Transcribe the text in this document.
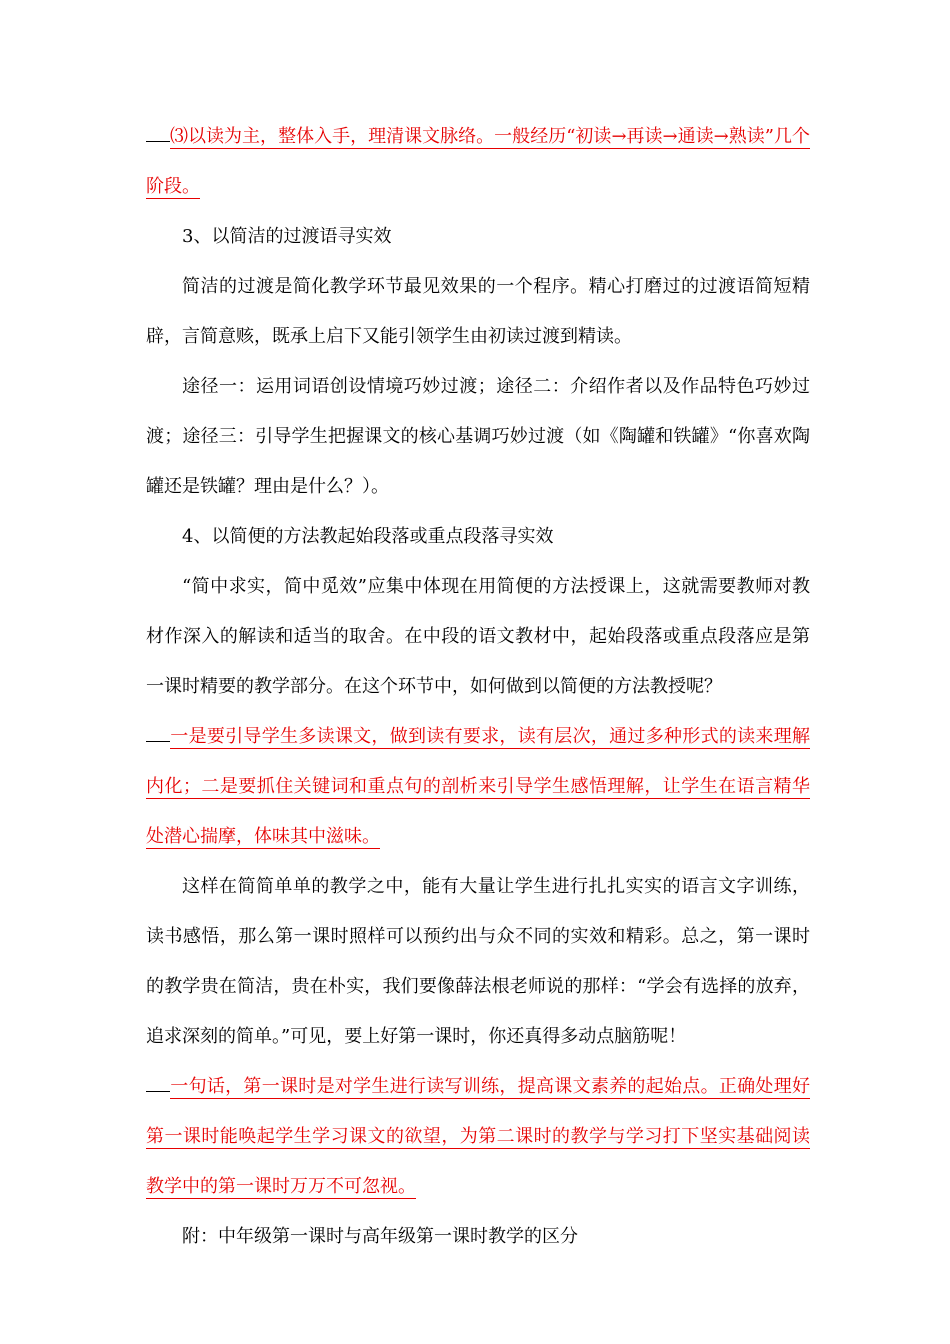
⑶以读为主，整体入手，理清课文脉络。一般经历“初读→再读→通读→熟读”几个阶段。

3、以简洁的过渡语寻实效

简洁的过渡是简化教学环节最见效果的一个程序。精心打磨过的过渡语简短精辟，言简意赅，既承上启下又能引领学生由初读过渡到精读。

途径一：运用词语创设情境巧妙过渡；途径二：介绍作者以及作品特色巧妙过渡；途径三：引导学生把握课文的核心基调巧妙过渡（如《陶罐和铁罐》“你喜欢陶罐还是铁罐？理由是什么？）。

4、以简便的方法教起始段落或重点段落寻实效

“简中求实，简中觅效”应集中体现在用简便的方法授课上，这就需要教师对教材作深入的解读和适当的取舍。在中段的语文教材中，起始段落或重点段落应是第一课时精要的教学部分。在这个环节中，如何做到以简便的方法教授呢？

一是要引导学生多读课文，做到读有要求，读有层次，通过多种形式的读来理解内化；二是要抓住关键词和重点句的剖析来引导学生感悟理解，让学生在语言精华处潜心揣摩，体味其中滋味。

这样在简简单单的教学之中，能有大量让学生进行扎扎实实的语言文字训练，读书感悟，那么第一课时照样可以预约出与众不同的实效和精彩。总之，第一课时的教学贵在简洁，贵在朴实，我们要像薛法根老师说的那样：“学会有选择的放弃，追求深刻的简单。”可见，要上好第一课时，你还真得多动点脑筋呢！

一句话，第一课时是对学生进行读写训练，提高课文素养的起始点。正确处理好第一课时能唤起学生学习课文的欲望，为第二课时的教学与学习打下坚实基础阅读教学中的第一课时万万不可忽视。

附：中年级第一课时与高年级第一课时教学的区分
